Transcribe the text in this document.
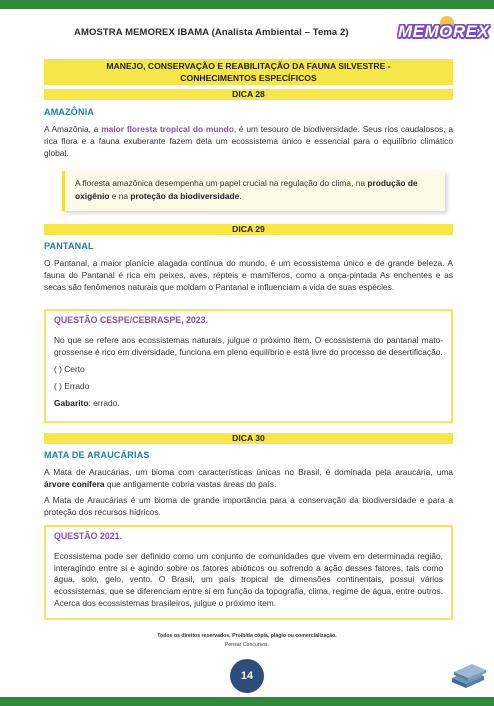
AMOSTRA MEMOREX IBAMA (Analista Ambiental – Tema 2)	MEMOREX
MANEJO, CONSERVAÇÃO E REABILITAÇÃO DA FAUNA SILVESTRE -
CONHECIMENTOS ESPECÍFICOS
DICA 28
AMAZÔNIA
A Amazônia, a maior floresta tropical do mundo, é um tesouro de biodiversidade. Seus rios caudalosos, a rica flora e a fauna exuberante fazem dela um ecossistema único e essencial para o equilíbrio climático global.
A floresta amazônica desempenha um papel crucial na regulação do clima, na produção de oxigênio e na proteção da biodiversidade.
DICA 29
PANTANAL
O Pantanal, a maior planície alagada contínua do mundo, é um ecossistema único e de grande beleza. A fauna do Pantanal é rica em peixes, aves, répteis e mamíferos, como a onça-pintada As enchentes e as secas são fenômenos naturais que moldam o Pantanal e influenciam a vida de suas espécies.
QUESTÃO CESPE/CEBRASPE, 2023.
No que se refere aos ecossistemas naturais, julgue o próximo item. O ecossistema do pantanal mato-grossense é rico em diversidade, funciona em pleno equilíbrio e está livre do processo de desertificação.
( ) Certo
( ) Errado
Gabarito: errado.
DICA 30
MATA DE ARAUCÁRIAS
A Mata de Araucárias, um bioma com características únicas no Brasil, é dominada pela araucária, uma árvore conífera que antigamente cobria vastas áreas do país.
A Mata de Araucárias é um bioma de grande importância para a conservação da biodiversidade e para a proteção dos recursos hídricos.
QUESTÃO 2021.
Ecossistema pode ser definido como um conjunto de comunidades que vivem em determinada região, interagindo entre si e agindo sobre os fatores abióticos ou sofrendo a ação desses fatores, tais como água, solo, gelo, vento. O Brasil, um país tropical de dimensões continentais, possui vários ecossistemas, que se diferenciam entre si em função da topografia, clima, regime de água, entre outros. Acerca dos ecossistemas brasileiros, julgue o próximo item.
Todos os direitos reservados. Proibida cópia, plágio ou comercialização.
Pensar Concursos.
14
